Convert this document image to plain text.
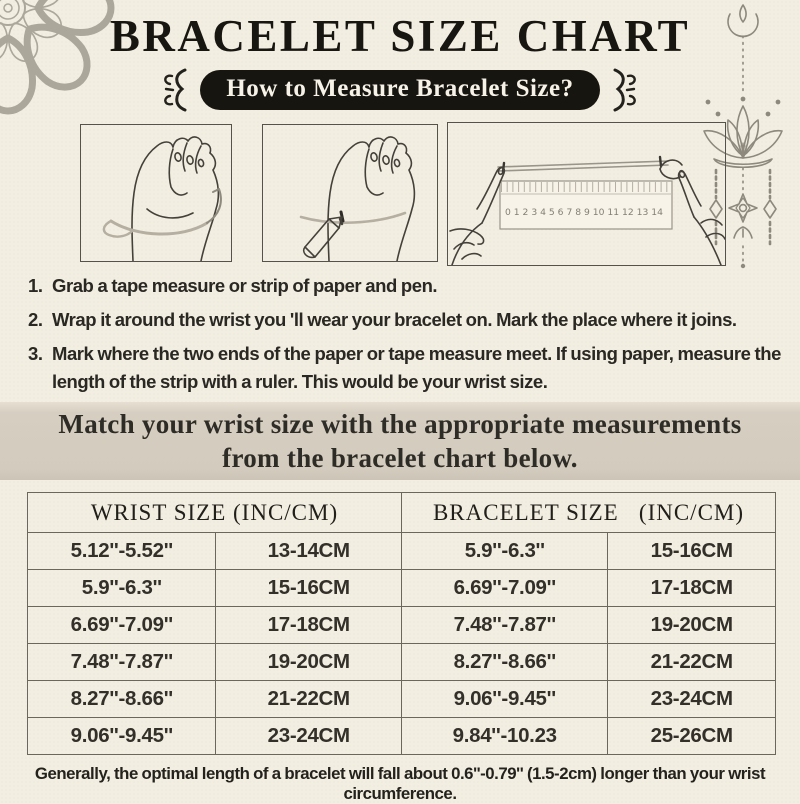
BRACELET SIZE CHART
How to Measure Bracelet Size?
0 1 2 3 4 5 6 7 8 9 10 11 12 13 14
1. Grab a tape measure or strip of paper and pen.
2. Wrap it around the wrist you 'll wear your bracelet on. Mark the place where it joins.
3. Mark where the two ends of the paper or tape measure meet. If using paper, measure the length of the strip with a ruler. This would be your wrist size.
Match your wrist size with the appropriate measurements
from the bracelet chart below.
WRIST SIZE (INC/CM)		BRACELET SIZE   (INC/CM)	
5.12''-5.52''	13-14CM	5.9''-6.3''	15-16CM
5.9''-6.3''	15-16CM	6.69''-7.09''	17-18CM
6.69''-7.09''	17-18CM	7.48''-7.87''	19-20CM
7.48''-7.87''	19-20CM	8.27''-8.66''	21-22CM
8.27''-8.66''	21-22CM	9.06''-9.45''	23-24CM
9.06''-9.45''	23-24CM	9.84''-10.23	25-26CM
Generally, the optimal length of a bracelet will fall about 0.6''-0.79'' (1.5-2cm) longer than your wrist circumference.
